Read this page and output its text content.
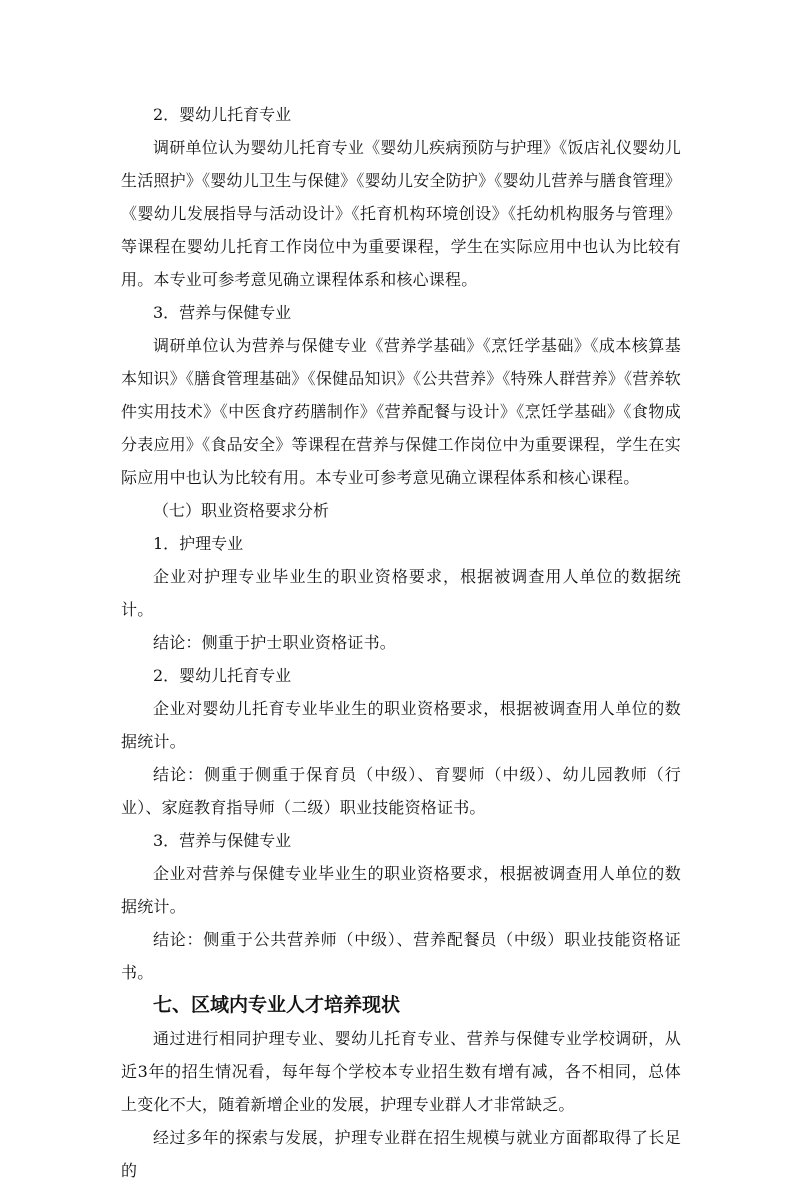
2．婴幼儿托育专业

调研单位认为婴幼儿托育专业《婴幼儿疾病预防与护理》《饭店礼仪婴幼儿生活照护》《婴幼儿卫生与保健》《婴幼儿安全防护》《婴幼儿营养与膳食管理》《婴幼儿发展指导与活动设计》《托育机构环境创设》《托幼机构服务与管理》等课程在婴幼儿托育工作岗位中为重要课程，学生在实际应用中也认为比较有用。本专业可参考意见确立课程体系和核心课程。

3．营养与保健专业

调研单位认为营养与保健专业《营养学基础》《烹饪学基础》《成本核算基本知识》《膳食管理基础》《保健品知识》《公共营养》《特殊人群营养》《营养软件实用技术》《中医食疗药膳制作》《营养配餐与设计》《烹饪学基础》《食物成分表应用》《食品安全》等课程在营养与保健工作岗位中为重要课程，学生在实际应用中也认为比较有用。本专业可参考意见确立课程体系和核心课程。

（七）职业资格要求分析

1．护理专业

企业对护理专业毕业生的职业资格要求，根据被调查用人单位的数据统计。

结论：侧重于护士职业资格证书。

2．婴幼儿托育专业

企业对婴幼儿托育专业毕业生的职业资格要求，根据被调查用人单位的数据统计。

结论：侧重于侧重于保育员（中级）、育婴师（中级）、幼儿园教师（行业）、家庭教育指导师（二级）职业技能资格证书。

3．营养与保健专业

企业对营养与保健专业毕业生的职业资格要求，根据被调查用人单位的数据统计。

结论：侧重于公共营养师（中级）、营养配餐员（中级）职业技能资格证书。

七、区域内专业人才培养现状

通过进行相同护理专业、婴幼儿托育专业、营养与保健专业学校调研，从近3年的招生情况看，每年每个学校本专业招生数有增有减，各不相同，总体上变化不大，随着新增企业的发展，护理专业群人才非常缺乏。

经过多年的探索与发展，护理专业群在招生规模与就业方面都取得了长足的
